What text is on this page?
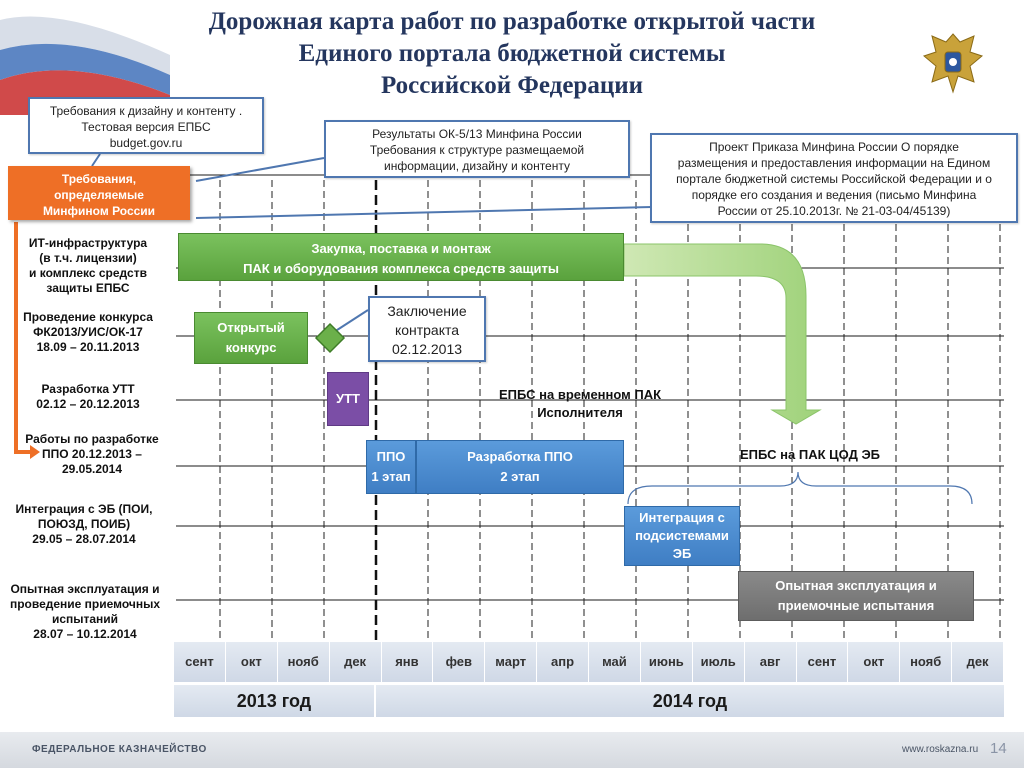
Дорожная карта работ по разработке открытой части
Единого портала бюджетной системы
Российской Федерации
Требования к дизайну и контенту .
Тестовая версия ЕПБС
budget.gov.ru
Результаты ОК-5/13 Минфина России
Требования к структуре размещаемой
информации, дизайну и контенту
Проект Приказа Минфина России О порядке
размещения и предоставления информации на Едином
портале бюджетной системы Российской Федерации и о
порядке его создания и ведения (письмо Минфина
России от 25.10.2013г. № 21-03-04/45139)
Заключение
контракта
02.12.2013
Требования,
определяемые
Минфином России
ИТ-инфраструктура
(в т.ч. лицензии)
и комплекс средств
защиты ЕПБС
Проведение конкурса
ФК2013/УИС/ОК-17
18.09 – 20.11.2013
Разработка УТТ
02.12 – 20.12.2013
Работы по разработке
ППО 20.12.2013 –
29.05.2014
Интеграция с ЭБ (ПОИ,
ПОЮЗД, ПОИБ)
29.05 – 28.07.2014
Опытная эксплуатация и
проведение приемочных
испытаний
28.07 – 10.12.2014
Закупка, поставка и монтаж
ПАК и оборудования комплекса средств защиты
Открытый
конкурс
УТТ
ППО
1 этап
Разработка ППО
2 этап
Интеграция с
подсистемами
ЭБ
Опытная эксплуатация и
приемочные испытания
ЕПБС на временном ПАК
Исполнителя
ЕПБС на ПАК ЦОД ЭБ
сент	окт	нояб	дек	янв	фев	март	апр	май	июнь	июль	авг	сент	окт	нояб	дек
2013 год	2014 год
ФЕДЕРАЛЬНОЕ КАЗНАЧЕЙСТВО	www.roskazna.ru 14
